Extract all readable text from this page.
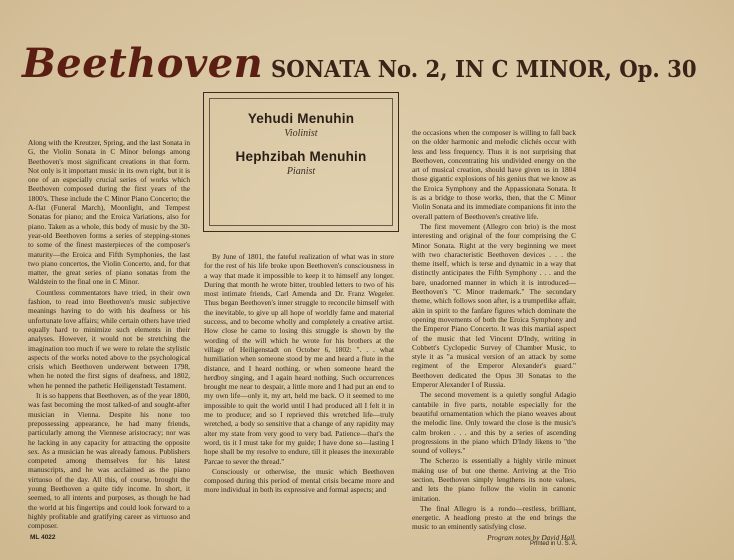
Beethoven SONATA No. 2, IN C MINOR, Op. 30
Yehudi Menuhin
Violinist
Hephzibah Menuhin
Pianist

Along with the Kreutzer, Spring, and the last Sonata in G, the Violin Sonata in C Minor belongs among Beethoven's most significant creations in that form. Not only is it important music in its own right, but it is one of an especially crucial series of works which Beethoven composed during the first years of the 1800's. These include the C Minor Piano Concerto; the A-flat (Funeral March), Moonlight, and Tempest Sonatas for piano; and the Eroica Variations, also for piano. Taken as a whole, this body of music by the 30-year-old Beethoven forms a series of stepping-stones to some of the finest masterpieces of the composer's maturity—the Eroica and Fifth Symphonies, the last two piano concertos, the Violin Concerto, and, for that matter, the great series of piano sonatas from the Waldstein to the final one in C Minor.

Countless commentators have tried, in their own fashion, to read into Beethoven's music subjective meanings having to do with his deafness or his unfortunate love affairs; while certain others have tried equally hard to minimize such elements in their analyses. However, it would not be stretching the imagination too much if we were to relate the stylistic aspects of the works noted above to the psychological crisis which Beethoven underwent between 1798, when he noted the first signs of deafness, and 1802, when he penned the pathetic Heiligenstadt Testament.

It is so happens that Beethoven, as of the year 1800, was fast becoming the most talked-of and sought-after musician in Vienna. Despite his none too prepossessing appearance, he had many friends, particularly among the Viennese aristocracy; nor was he lacking in any capacity for attracting the opposite sex. As a musician he was already famous. Publishers competed among themselves for his latest manuscripts, and he was acclaimed as the piano virtuoso of the day. All this, of course, brought the young Beethoven a quite tidy income. In short, it seemed, to all intents and purposes, as though he had the world at his fingertips and could look forward to a highly profitable and gratifying career as virtuoso and composer.

By June of 1801, the fateful realization of what was in store for the rest of his life broke upon Beethoven's consciousness in a way that made it impossible to keep it to himself any longer. During that month he wrote bitter, troubled letters to two of his most intimate friends, Carl Amenda and Dr. Franz Wegeler. Thus began Beethoven's inner struggle to reconcile himself with the inevitable, to give up all hope of worldly fame and material success, and to become wholly and completely a creative artist. How close he came to losing this struggle is shown by the wording of the will which he wrote for his brothers at the village of Heiligenstadt on October 6, 1802: ". . . what humiliation when someone stood by me and heard a flute in the distance, and I heard nothing, or when someone heard the herdboy singing, and I again heard nothing. Such occurrences brought me near to despair, a little more and I had put an end to my own life—only it, my art, held me back. O it seemed to me impossible to quit the world until I had produced all I felt it in me to produce; and so I reprieved this wretched life—truly wretched, a body so sensitive that a change of any rapidity may alter my state from very good to very bad. Patience—that's the word, tis it I must take for my guide; I have done so—lasting I hope shall be my resolve to endure, till it pleases the inexorable Parcae to sever the thread."

Consciously or otherwise, the music which Beethoven composed during this period of mental crisis became more and more individual in both its expressive and formal aspects; and

the occasions when the composer is willing to fall back on the older harmonic and melodic clichés occur with less and less frequency. Thus it is not surprising that Beethoven, concentrating his undivided energy on the art of musical creation, should have given us in 1804 those gigantic explosions of his genius that we know as the Eroica Symphony and the Appassionata Sonata. It is as a bridge to those works, then, that the C Minor Violin Sonata and its immediate companions fit into the overall pattern of Beethoven's creative life.

The first movement (Allegro con brio) is the most interesting and original of the four comprising the C Minor Sonata. Right at the very beginning we meet with two characteristic Beethoven devices . . . the theme itself, which is terse and dynamic in a way that distinctly anticipates the Fifth Symphony . . . and the bare, unadorned manner in which it is introduced—Beethoven's "C Minor trademark." The secondary theme, which follows soon after, is a trumpetlike affair, akin in spirit to the fanfare figures which dominate the opening movements of both the Eroica Symphony and the Emperor Piano Concerto. It was this martial aspect of the music that led Vincent D'Indy, writing in Cobbett's Cyclopedic Survey of Chamber Music, to style it as "a musical version of an attack by some regiment of the Emperor Alexander's guard." Beethoven dedicated the Opus 30 Sonatas to the Emperor Alexander I of Russia.

The second movement is a quietly songful Adagio cantabile in five parts, notable especially for the beautiful ornamentation which the piano weaves about the melodic line. Only toward the close is the music's calm broken . . . and this by a series of ascending progressions in the piano which D'Indy likens to "the sound of volleys."

The Scherzo is essentially a highly virile minuet making use of but one theme. Arriving at the Trio section, Beethoven simply lengthens its note values, and lets the piano follow the violin in canonic imitation.

The final Allegro is a rondo—restless, brilliant, energetic. A headlong presto at the end brings the music to an eminently satisfying close.

Program notes by David Hall.
ML 4022
Printed in U. S. A.
